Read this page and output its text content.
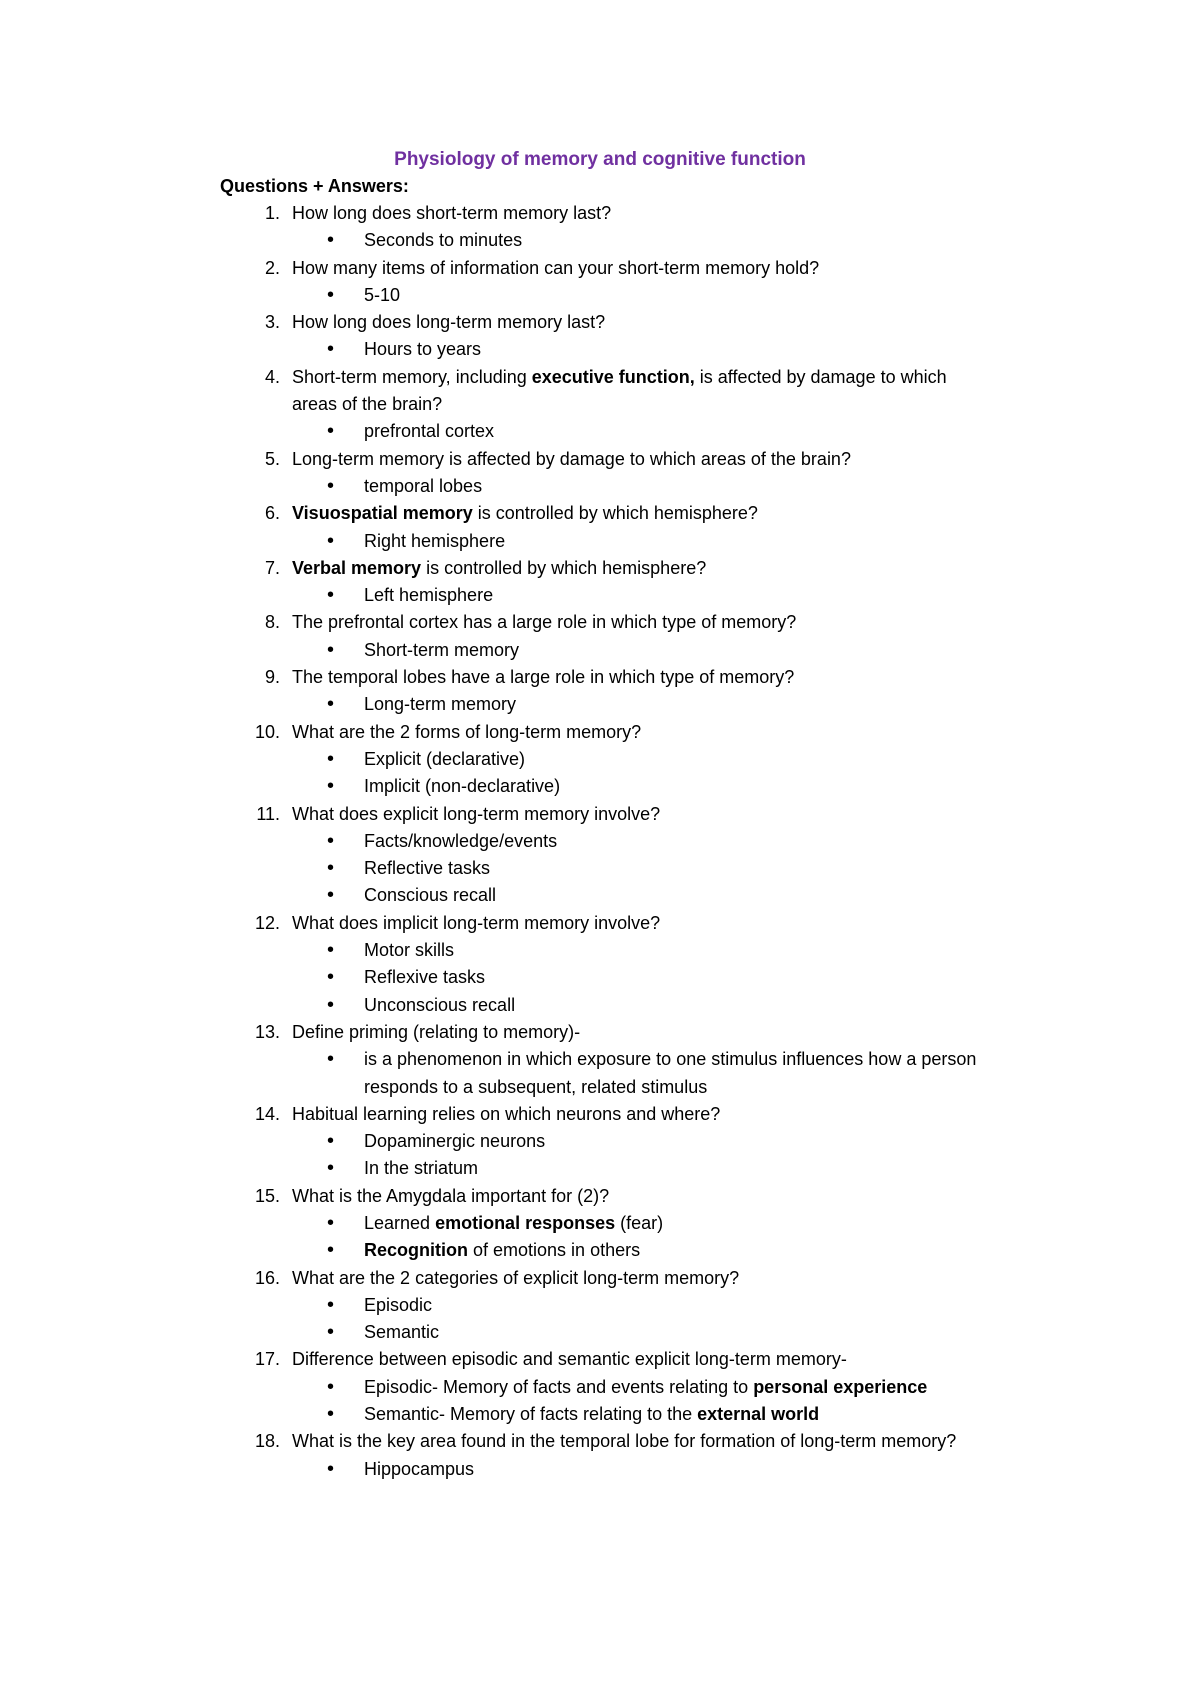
Physiology of memory and cognitive function
Questions + Answers:
1. How long does short-term memory last?
• Seconds to minutes
2. How many items of information can your short-term memory hold?
• 5-10
3. How long does long-term memory last?
• Hours to years
4. Short-term memory, including executive function, is affected by damage to which
areas of the brain?
• prefrontal cortex
5. Long-term memory is affected by damage to which areas of the brain?
• temporal lobes
6. Visuospatial memory is controlled by which hemisphere?
• Right hemisphere
7. Verbal memory is controlled by which hemisphere?
• Left hemisphere
8. The prefrontal cortex has a large role in which type of memory?
• Short-term memory
9. The temporal lobes have a large role in which type of memory?
• Long-term memory
10. What are the 2 forms of long-term memory?
• Explicit (declarative)
• Implicit (non-declarative)
11. What does explicit long-term memory involve?
• Facts/knowledge/events
• Reflective tasks
• Conscious recall
12. What does implicit long-term memory involve?
• Motor skills
• Reflexive tasks
• Unconscious recall
13. Define priming (relating to memory)-
• is a phenomenon in which exposure to one stimulus influences how a person
responds to a subsequent, related stimulus
14. Habitual learning relies on which neurons and where?
• Dopaminergic neurons
• In the striatum
15. What is the Amygdala important for (2)?
• Learned emotional responses (fear)
• Recognition of emotions in others
16. What are the 2 categories of explicit long-term memory?
• Episodic
• Semantic
17. Difference between episodic and semantic explicit long-term memory-
• Episodic- Memory of facts and events relating to personal experience
• Semantic- Memory of facts relating to the external world
18. What is the key area found in the temporal lobe for formation of long-term memory?
• Hippocampus
